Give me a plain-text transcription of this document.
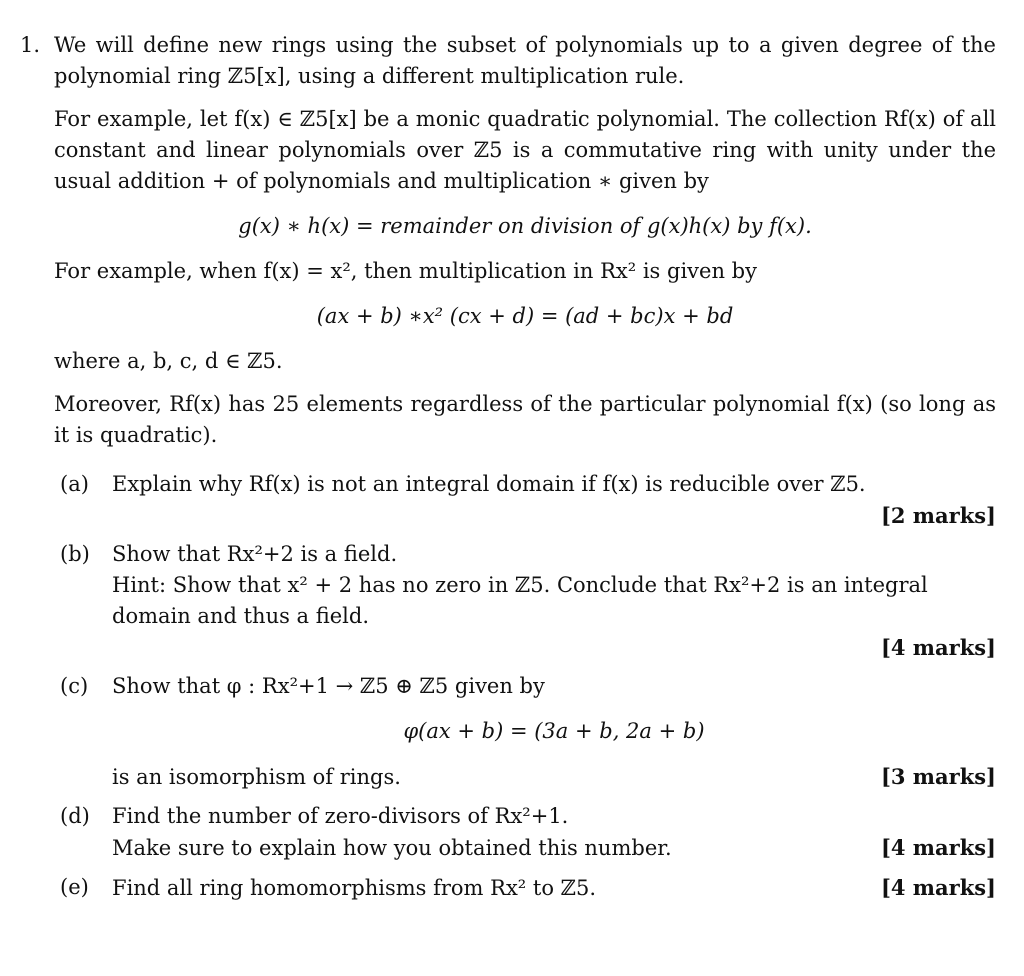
1. We will define new rings using the subset of polynomials up to a given degree of the polynomial ring ℤ5[x], using a different multiplication rule.

For example, let f(x) ∈ ℤ5[x] be a monic quadratic polynomial. The collection Rf(x) of all constant and linear polynomials over ℤ5 is a commutative ring with unity under the usual addition + of polynomials and multiplication ∗ given by

g(x) ∗ h(x) = remainder on division of g(x)h(x) by f(x).

For example, when f(x) = x², then multiplication in Rx² is given by

(ax + b) ∗x² (cx + d) = (ad + bc)x + bd

where a, b, c, d ∈ ℤ5.

Moreover, Rf(x) has 25 elements regardless of the particular polynomial f(x) (so long as it is quadratic).

(a) Explain why Rf(x) is not an integral domain if f(x) is reducible over ℤ5.
[2 marks]
(b) Show that Rx²+2 is a field.
Hint: Show that x² + 2 has no zero in ℤ5. Conclude that Rx²+2 is an integral domain and thus a field.
[4 marks]
(c) Show that φ : Rx²+1 → ℤ5 ⊕ ℤ5 given by
φ(ax + b) = (3a + b, 2a + b)
is an isomorphism of rings.	[3 marks]
(d) Find the number of zero-divisors of Rx²+1.
Make sure to explain how you obtained this number.	[4 marks]
(e) Find all ring homomorphisms from Rx² to ℤ5.	[4 marks]
